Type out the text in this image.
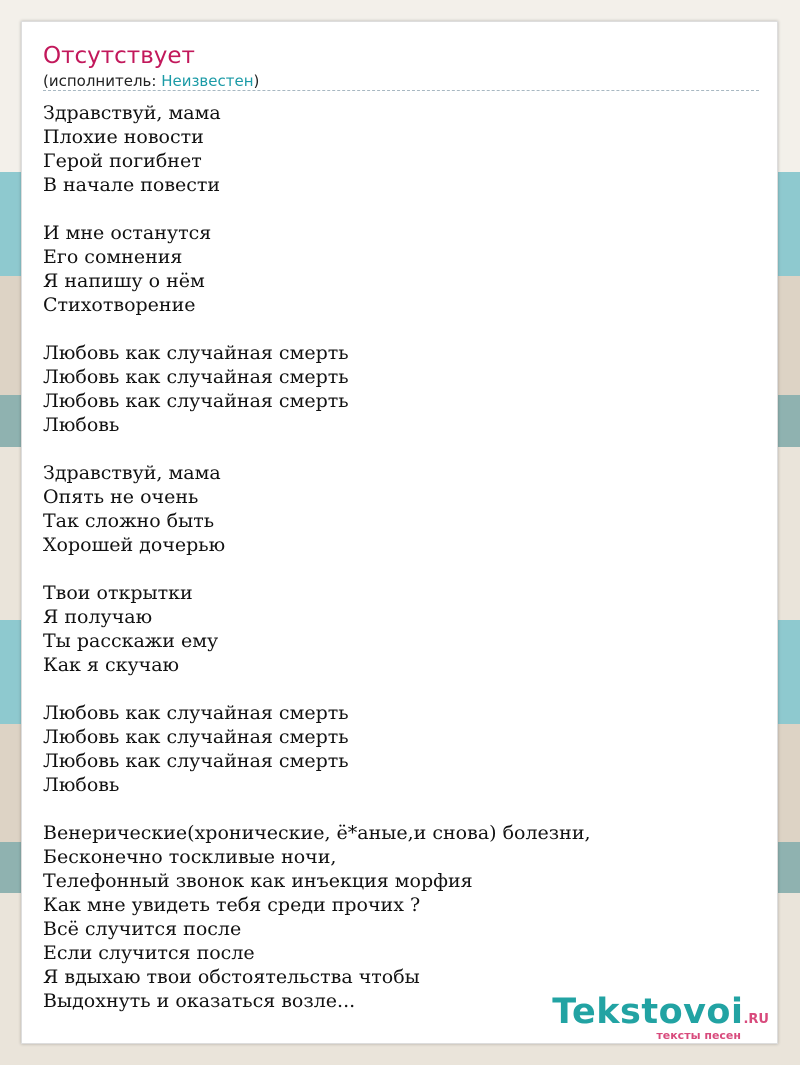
Отсутствует
(исполнитель: Неизвестен)
Здравствуй, мама
Плохие новости
Герой погибнет
В начале повести
И мне останутся
Его сомнения
Я напишу о нём
Стихотворение
Любовь как случайная смерть
Любовь как случайная смерть
Любовь как случайная смерть
Любовь
Здравствуй, мама
Опять не очень
Так сложно быть
Хорошей дочерью
Твои открытки
Я получаю
Ты расскажи ему
Как я скучаю
Любовь как случайная смерть
Любовь как случайная смерть
Любовь как случайная смерть
Любовь
Венерические(хронические, ё*аные,и снова) болезни,
Бесконечно тоскливые ночи,
Телефонный звонок как инъекция морфия
Как мне увидеть тебя среди прочих ?
Всё случится после
Если случится после
Я вдыхаю твои обстоятельства чтобы
Выдохнуть и оказаться возле...	Tekstovoi.RU
тексты песен
